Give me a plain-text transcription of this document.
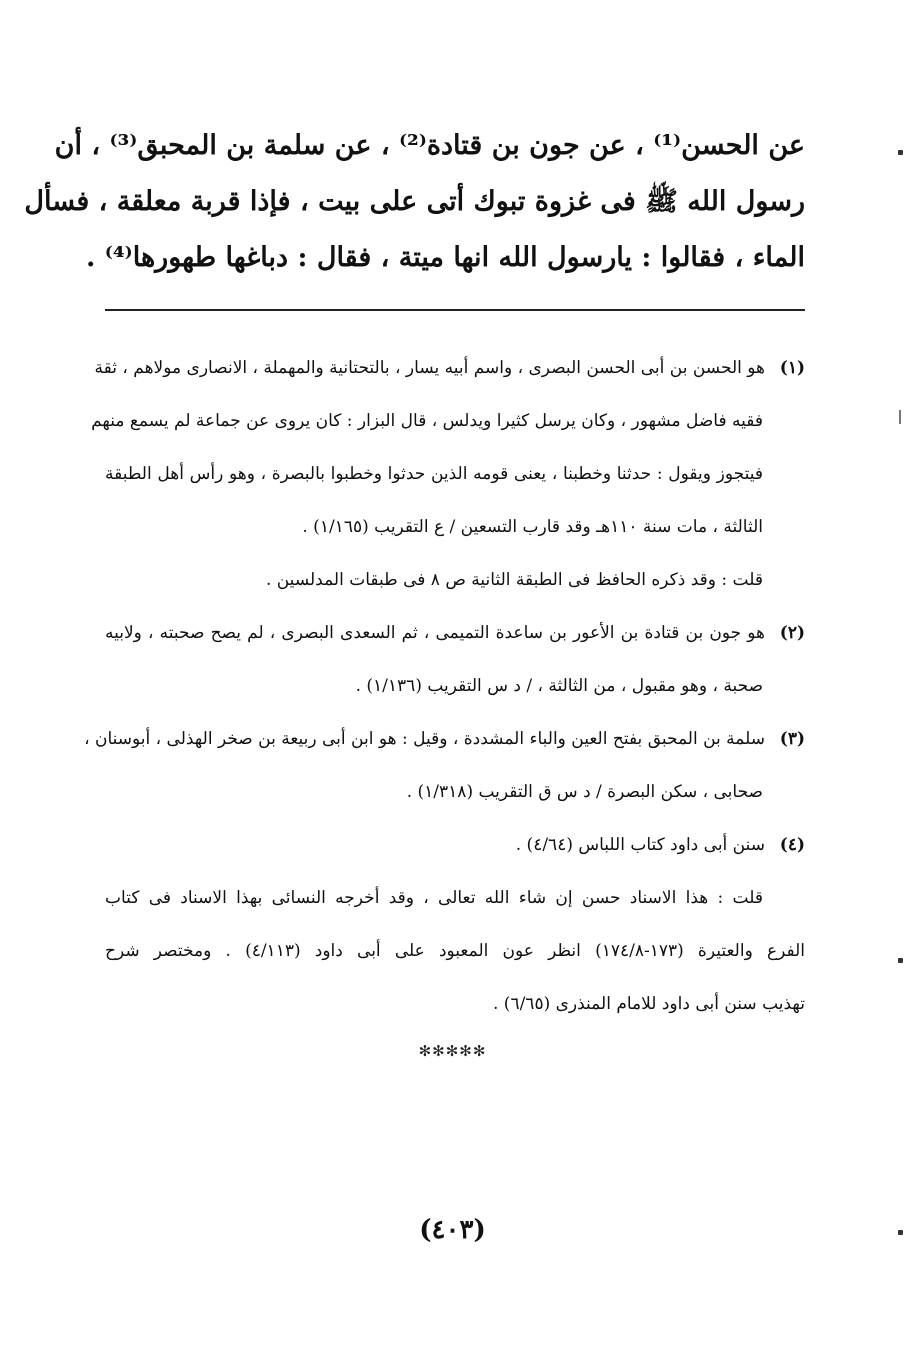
عن الحسن⁽¹⁾ ، عن جون بن قتادة⁽²⁾ ، عن سلمة بن المحبق⁽³⁾ ، أن
رسول الله ﷺ فى غزوة تبوك أتى على بيت ، فإذا قربة معلقة ، فسأل
الماء ، فقالوا : يارسول الله انها ميتة ، فقال : دباغها طهورها⁽⁴⁾ .
(١)هو الحسن بن أبى الحسن البصرى ، واسم أبيه يسار ، بالتحتانية والمهملة ، الانصارى مولاهم ، ثقة
فقيه فاضل مشهور ، وكان يرسل كثيرا ويدلس ، قال البزار : كان يروى عن جماعة لم يسمع منهم
فيتجوز ويقول : حدثنا وخطبنا ، يعنى قومه الذين حدثوا وخطبوا بالبصرة ، وهو رأس أهل الطبقة
الثالثة ، مات سنة ١١٠هـ وقد قارب التسعين / ع التقريب (١/١٦٥) .
قلت : وقد ذكره الحافظ فى الطبقة الثانية ص ٨ فى طبقات المدلسين .
(٢)هو جون بن قتادة بن الأعور بن ساعدة التميمى ، ثم السعدى البصرى ، لم يصح صحبته ، ولابيه
صحبة ، وهو مقبول ، من الثالثة ، / د س التقريب (١/١٣٦) .
(٣)سلمة بن المحبق بفتح العين والباء المشددة ، وقيل : هو ابن أبى ربيعة بن صخر الهذلى ، أبوسنان ،
صحابى ، سكن البصرة / د س ق التقريب (١/٣١٨) .
(٤)سنن أبى داود كتاب اللباس (٤/٦٤) .
قلت : هذا الاسناد حسن إن شاء الله تعالى ، وقد أخرجه النسائى بهذا الاسناد فى كتاب
الفرع والعتيرة (١٧٣-١٧٤/٨) انظر عون المعبود على أبى داود (٤/١١٣) . ومختصر شرح
تهذيب سنن أبى داود للامام المنذرى (٦/٦٥) .
✻✻✻✻✻
(٤٠٣)
